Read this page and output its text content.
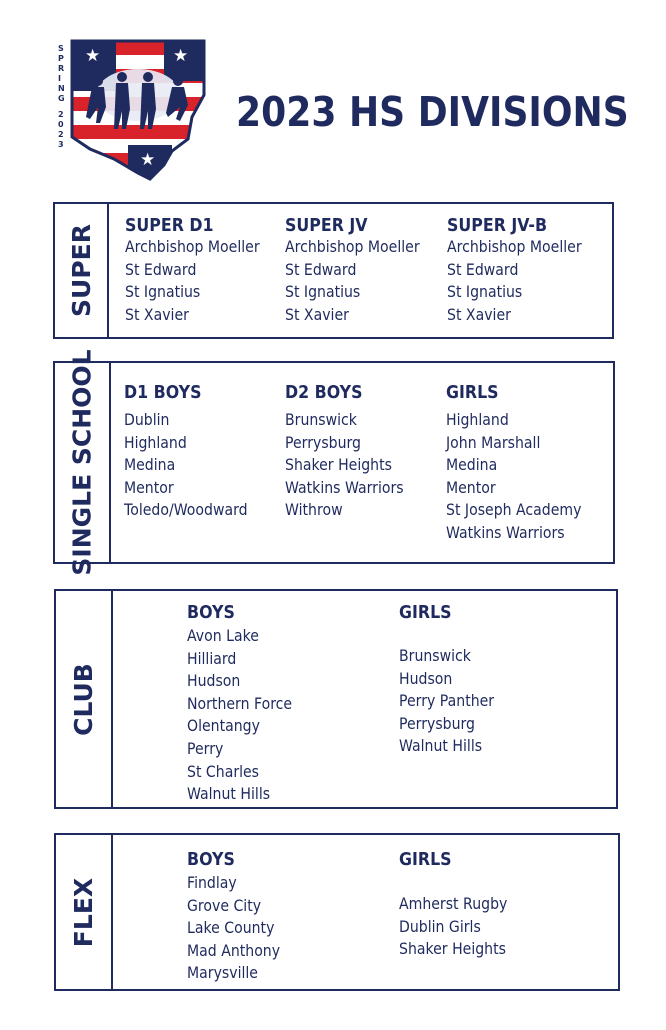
★	★
★
S P R I N G 2 0 2 3
2023 HS DIVISIONS
SUPER SUPER D1
Archbishop Moeller
St Edward
St Ignatius
St Xavier
SUPER JV
Archbishop Moeller
St Edward
St Ignatius
St Xavier
SUPER JV-B
Archbishop Moeller
St Edward
St Ignatius
St Xavier
SINGLE SCHOOL D1 BOYS
Dublin
Highland
Medina
Mentor
Toledo/Woodward
D2 BOYS
Brunswick
Perrysburg
Shaker Heights
Watkins Warriors
Withrow
GIRLS
Highland
John Marshall
Medina
Mentor
St Joseph Academy
Watkins Warriors
CLUB
BOYS
Avon Lake
Hilliard
Hudson
Northern Force
Olentangy
Perry
St Charles
Walnut Hills
GIRLS
Brunswick
Hudson
Perry Panther
Perrysburg
Walnut Hills
FLEX
BOYS
Findlay
Grove City
Lake County
Mad Anthony
Marysville
GIRLS
Amherst Rugby
Dublin Girls
Shaker Heights
